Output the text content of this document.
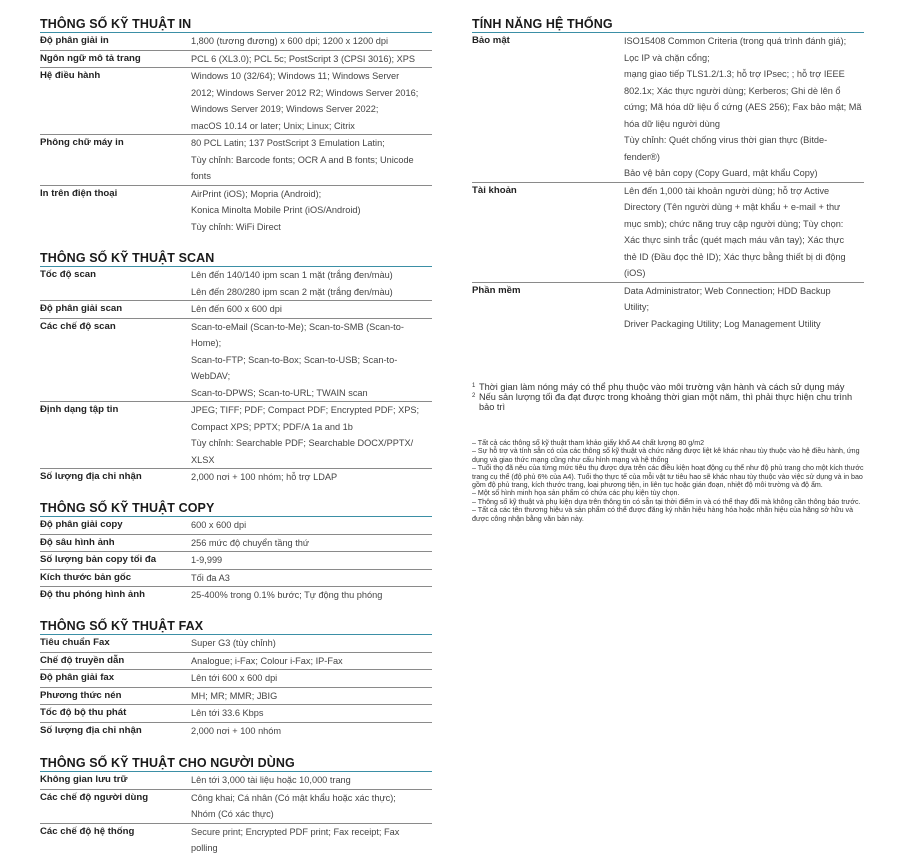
THÔNG SỐ KỸ THUẬT IN
Độ phân giải in	1,800 (tương đương) x 600 dpi; 1200 x 1200 dpi
Ngôn ngữ mô tả trang	PCL 6 (XL3.0); PCL 5c; PostScript 3 (CPSI 3016); XPS
Hệ điều hành	Windows 10 (32/64); Windows 11; Windows Server
2012; Windows Server 2012 R2; Windows Server 2016;
Windows Server 2019; Windows Server 2022;
macOS 10.14 or later; Unix; Linux; Citrix
Phông chữ máy in	80 PCL Latin; 137 PostScript 3 Emulation Latin;
Tùy chỉnh: Barcode fonts; OCR A and B fonts; Unicode
fonts
In trên điện thoại	AirPrint (iOS); Mopria (Android);
Konica Minolta Mobile Print (iOS/Android)
Tùy chỉnh: WiFi Direct
THÔNG SỐ KỸ THUẬT SCAN
Tốc độ scan	Lên đến 140/140 ipm scan 1 mặt (trắng đen/màu)
Lên đến 280/280 ipm scan 2 mặt (trắng đen/màu)
Độ phân giải scan	Lên đến 600 x 600 dpi
Các chế độ scan	Scan-to-eMail (Scan-to-Me); Scan-to-SMB (Scan-to-
Home);
Scan-to-FTP; Scan-to-Box; Scan-to-USB; Scan-to-
WebDAV;
Scan-to-DPWS; Scan-to-URL; TWAIN scan
Định dạng tập tin	JPEG; TIFF; PDF; Compact PDF; Encrypted PDF; XPS;
Compact XPS; PPTX; PDF/A 1a and 1b
Tùy chỉnh: Searchable PDF; Searchable DOCX/PPTX/
XLSX
Số lượng địa chỉ nhận	2,000 nơi + 100 nhóm; hỗ trợ LDAP
THÔNG SỐ KỸ THUẬT COPY
Độ phân giải copy	600 x 600 dpi
Độ sâu hình ảnh	256 mức độ chuyển tầng thứ
Số lượng bản copy tối đa	1-9,999
Kích thước bản gốc	Tối đa A3
Độ thu phóng hình ảnh	25-400% trong 0.1% bước; Tự động thu phóng
THÔNG SỐ KỸ THUẬT FAX
Tiêu chuẩn Fax	Super G3 (tùy chỉnh)
Chế độ truyền dẫn	Analogue; i-Fax; Colour i-Fax; IP-Fax
Độ phân giải fax	Lên tới 600 x 600 dpi
Phương thức nén	MH; MR; MMR; JBIG
Tốc độ bộ thu phát	Lên tới 33.6 Kbps
Số lượng địa chỉ nhận	2,000 nơi + 100 nhóm
THÔNG SỐ KỸ THUẬT CHO NGƯỜI DÙNG
Không gian lưu trữ	Lên tới 3,000 tài liệu hoặc 10,000 trang
Các chế độ người dùng	Công khai; Cá nhân (Có mật khẩu hoặc xác thực);
Nhóm (Có xác thực)
Các chế độ hệ thống	Secure print; Encrypted PDF print; Fax receipt; Fax
polling
TÍNH NĂNG HỆ THỐNG
Bảo mật	ISO15408 Common Criteria (trong quá trình đánh giá);
Lọc IP và chặn cổng;
mạng giao tiếp TLS1.2/1.3; hỗ trợ IPsec; ; hỗ trợ IEEE
802.1x; Xác thực người dùng; Kerberos; Ghi dè lên ổ
cứng; Mã hóa dữ liệu ổ cứng (AES 256); Fax bảo mật; Mã
hóa dữ liệu người dùng
Tùy chỉnh: Quét chống virus thời gian thực (Bitde-
fender®)
Bảo vệ bản copy (Copy Guard, mật khẩu Copy)
Tài khoản	Lên đến 1,000 tài khoản người dùng; hỗ trợ Active
Directory (Tên người dùng + mật khẩu + e-mail + thư
mục smb); chức năng truy cập người dùng; Tùy chọn:
Xác thực sinh trắc (quét mạch máu vân tay); Xác thực
thẻ ID (Đầu đọc thẻ ID); Xác thực bằng thiết bị di động
(iOS)
Phần mềm	Data Administrator; Web Connection; HDD Backup
Utility;
Driver Packaging Utility; Log Management Utility
1 Thời gian làm nóng máy có thể phụ thuộc vào môi trường vận hành và cách sử dụng máy
2 Nếu sản lượng tối đa đạt được trong khoảng thời gian một năm, thì phải thực hiện chu trình bảo trì
– Tất cả các thông số kỹ thuật tham khảo giấy khổ A4 chất lượng 80 g/m2
– Sự hỗ trợ và tính sẵn có của các thông số kỹ thuật và chức năng được liệt kê khác nhau tùy thuộc vào hệ điều hành, ứng dụng và giao thức mạng cũng như cấu hình mạng và hệ thống
– Tuổi thọ đã nêu của từng mức tiêu thụ được dựa trên các điều kiện hoạt động cụ thể như độ phủ trang cho một kích thước trang cụ thể (độ phủ 6% của A4). Tuổi thọ thực tế của mỗi vật tư tiêu hao sẽ khác nhau tùy thuộc vào việc sử dụng và in bao gồm độ phủ trang, kích thước trang, loại phương tiện, in liên tục hoặc gián đoạn, nhiệt độ môi trường và độ ẩm.
– Một số hình minh họa sản phẩm có chứa các phụ kiện tùy chọn.
– Thông số kỹ thuật và phụ kiện dựa trên thông tin có sẵn tại thời điểm in và có thể thay đổi mà không cần thông báo trước.
– Tất cả các tên thương hiệu và sản phẩm có thể được đăng ký nhãn hiệu hàng hóa hoặc nhãn hiệu của hãng sở hữu và được công nhận bằng văn bản này.
